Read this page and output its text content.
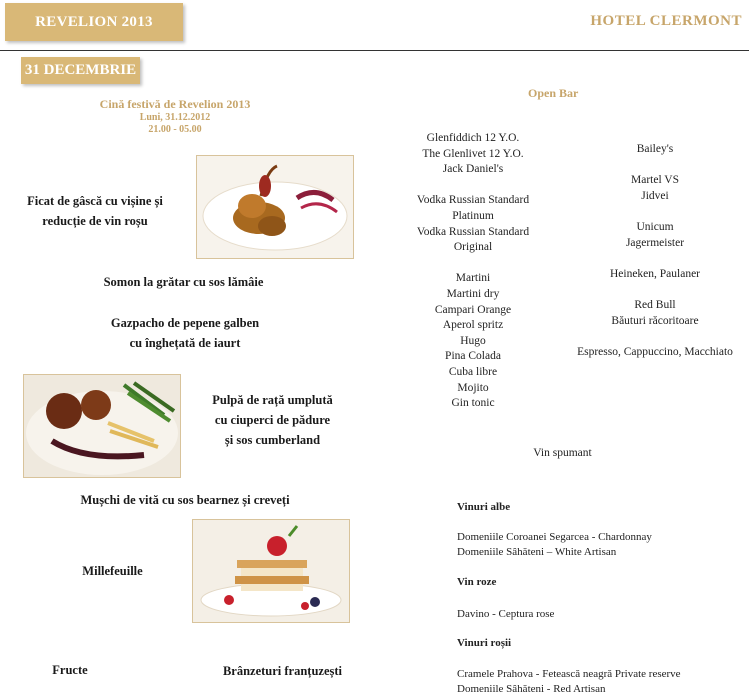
REVELION 2013	HOTEL CLERMONT
31 DECEMBRIE
Cină festivă de Revelion 2013
Luni, 31.12.2012
21.00 - 05.00
Ficat de gâscă cu vișine și
reducție de vin roșu
Somon la grătar cu sos lămâie
Gazpacho de pepene galben
cu înghețată de iaurt
Pulpă de rață umplută
cu ciuperci de pădure
și sos cumberland
Mușchi de vită cu sos bearnez și creveți
Millefeuille
Fructe	Brânzeturi franțuzești
Open Bar
Glenfiddich 12 Y.O.
The Glenlivet 12 Y.O.
Jack Daniel's
Vodka Russian Standard
Platinum
Vodka Russian Standard
Original
Martini
Martini dry
Campari Orange
Aperol spritz
Hugo
Pina Colada
Cuba libre
Mojito
Gin tonic
Bailey's
Martel VS
Jidvei
Unicum
Jagermeister
Heineken, Paulaner
Red Bull
Băuturi răcoritoare
Espresso, Cappuccino, Macchiato
Vin spumant
Vinuri albe
Domeniile Coroanei Segarcea - Chardonnay
Domeniile Sâhăteni – White Artisan
Vin roze
Davino - Ceptura rose
Vinuri roșii
Cramele Prahova - Fetească neagră Private reserve
Domeniile Sâhăteni - Red Artisan
